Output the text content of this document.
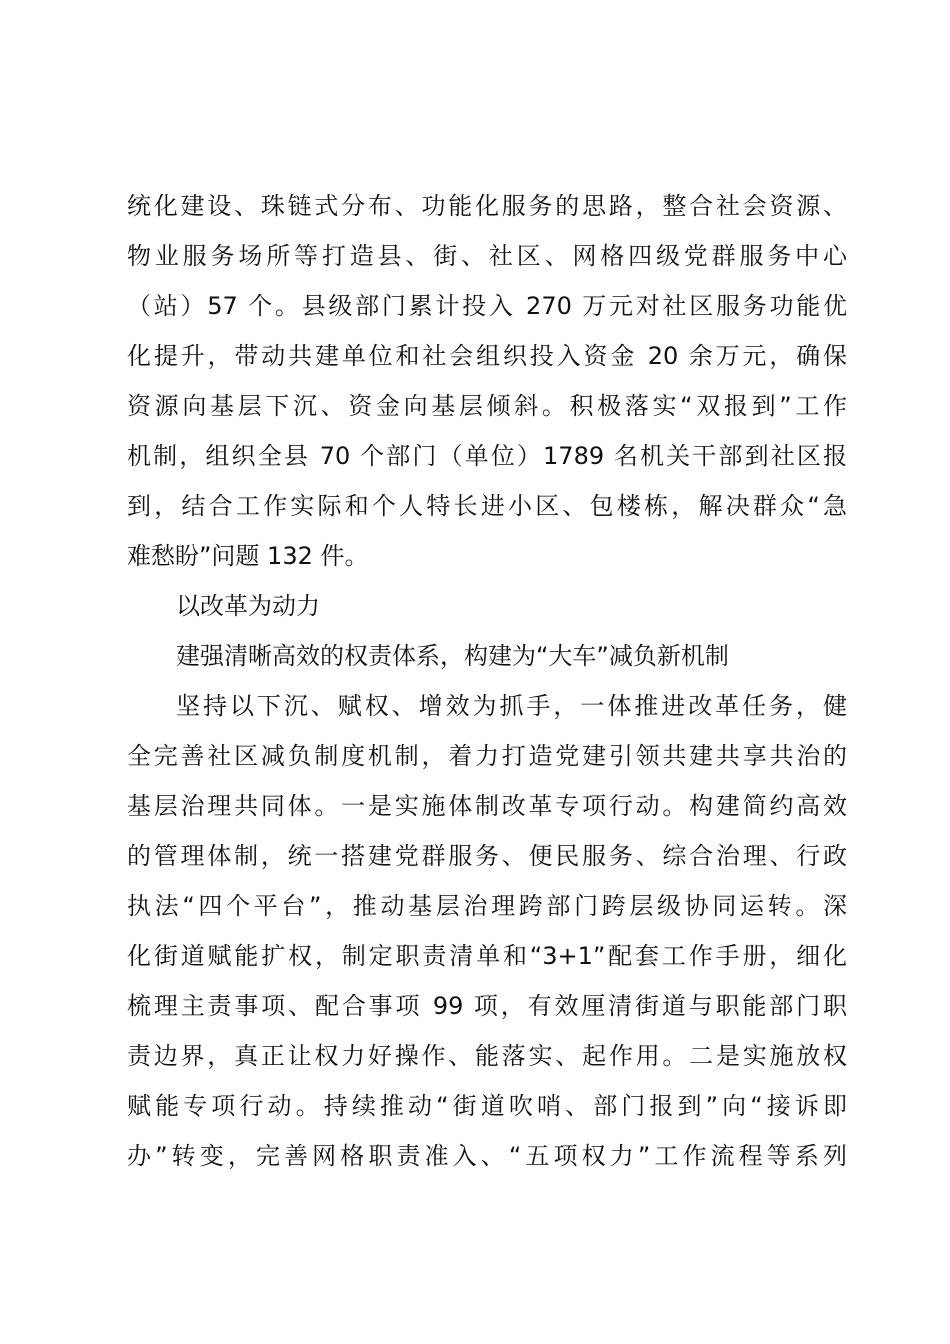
统化建设、珠链式分布、功能化服务的思路，整合社会资源、
物业服务场所等打造县、街、社区、网格四级党群服务中心
（站）57 个。县级部门累计投入 270 万元对社区服务功能优
化提升，带动共建单位和社会组织投入资金 20 余万元，确保
资源向基层下沉、资金向基层倾斜。积极落实“双报到”工作
机制，组织全县 70 个部门（单位）1789 名机关干部到社区报
到，结合工作实际和个人特长进小区、包楼栋，解决群众“急
难愁盼”问题 132 件。
以改革为动力
建强清晰高效的权责体系，构建为“大车”减负新机制
坚持以下沉、赋权、增效为抓手，一体推进改革任务，健
全完善社区减负制度机制，着力打造党建引领共建共享共治的
基层治理共同体。一是实施体制改革专项行动。构建简约高效
的管理体制，统一搭建党群服务、便民服务、综合治理、行政
执法“四个平台”，推动基层治理跨部门跨层级协同运转。深
化街道赋能扩权，制定职责清单和“3+1”配套工作手册，细化
梳理主责事项、配合事项 99 项，有效厘清街道与职能部门职
责边界，真正让权力好操作、能落实、起作用。二是实施放权
赋能专项行动。持续推动“街道吹哨、部门报到”向“接诉即
办”转变，完善网格职责准入、“五项权力”工作流程等系列
